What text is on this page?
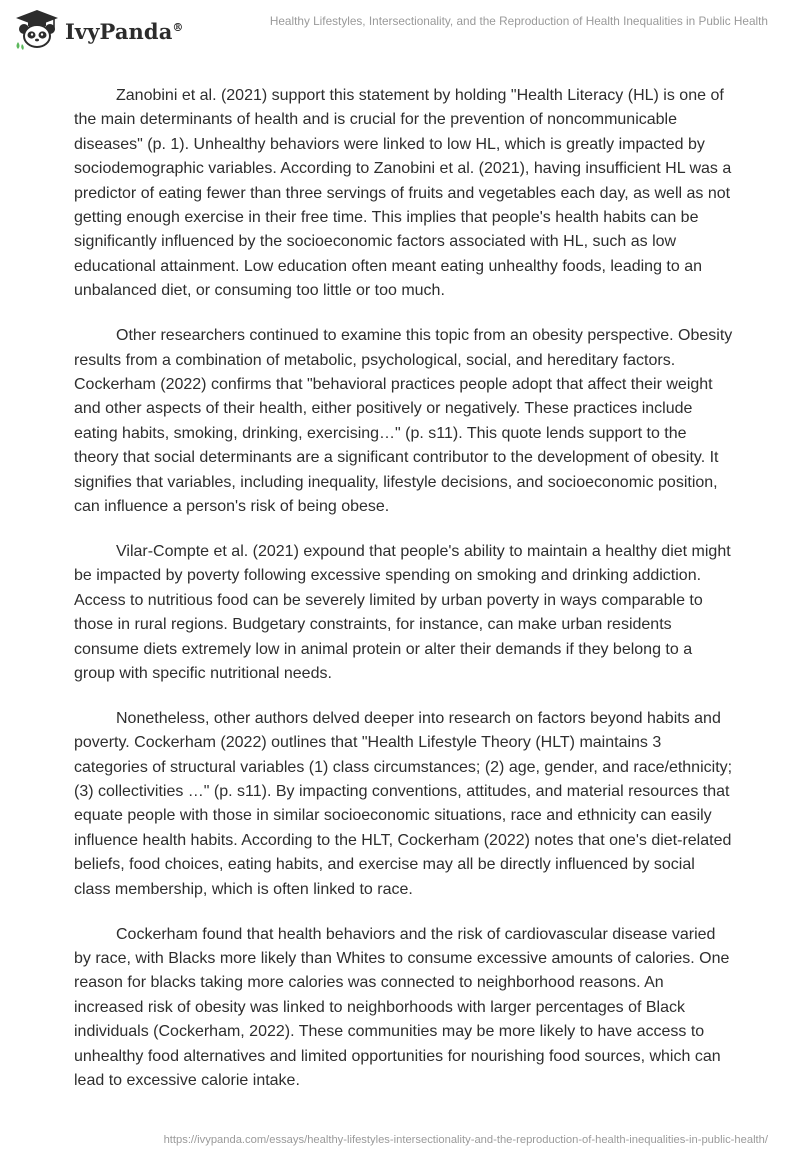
IvyPanda®	Healthy Lifestyles, Intersectionality, and the Reproduction of Health Inequalities in Public Health

Zanobini et al. (2021) support this statement by holding "Health Literacy (HL) is one of the main determinants of health and is crucial for the prevention of noncommunicable diseases" (p. 1). Unhealthy behaviors were linked to low HL, which is greatly impacted by sociodemographic variables. According to Zanobini et al. (2021), having insufficient HL was a predictor of eating fewer than three servings of fruits and vegetables each day, as well as not getting enough exercise in their free time. This implies that people's health habits can be significantly influenced by the socioeconomic factors associated with HL, such as low educational attainment. Low education often meant eating unhealthy foods, leading to an unbalanced diet, or consuming too little or too much.

Other researchers continued to examine this topic from an obesity perspective. Obesity results from a combination of metabolic, psychological, social, and hereditary factors. Cockerham (2022) confirms that "behavioral practices people adopt that affect their weight and other aspects of their health, either positively or negatively. These practices include eating habits, smoking, drinking, exercising…" (p. s11). This quote lends support to the theory that social determinants are a significant contributor to the development of obesity. It signifies that variables, including inequality, lifestyle decisions, and socioeconomic position, can influence a person's risk of being obese.

Vilar-Compte et al. (2021) expound that people's ability to maintain a healthy diet might be impacted by poverty following excessive spending on smoking and drinking addiction. Access to nutritious food can be severely limited by urban poverty in ways comparable to those in rural regions. Budgetary constraints, for instance, can make urban residents consume diets extremely low in animal protein or alter their demands if they belong to a group with specific nutritional needs.

Nonetheless, other authors delved deeper into research on factors beyond habits and poverty. Cockerham (2022) outlines that "Health Lifestyle Theory (HLT) maintains 3 categories of structural variables (1) class circumstances; (2) age, gender, and race/ethnicity; (3) collectivities …" (p. s11). By impacting conventions, attitudes, and material resources that equate people with those in similar socioeconomic situations, race and ethnicity can easily influence health habits. According to the HLT, Cockerham (2022) notes that one's diet-related beliefs, food choices, eating habits, and exercise may all be directly influenced by social class membership, which is often linked to race.

Cockerham found that health behaviors and the risk of cardiovascular disease varied by race, with Blacks more likely than Whites to consume excessive amounts of calories. One reason for blacks taking more calories was connected to neighborhood reasons. An increased risk of obesity was linked to neighborhoods with larger percentages of Black individuals (Cockerham, 2022). These communities may be more likely to have access to unhealthy food alternatives and limited opportunities for nourishing food sources, which can lead to excessive calorie intake.

https://ivypanda.com/essays/healthy-lifestyles-intersectionality-and-the-reproduction-of-health-inequalities-in-public-health/
